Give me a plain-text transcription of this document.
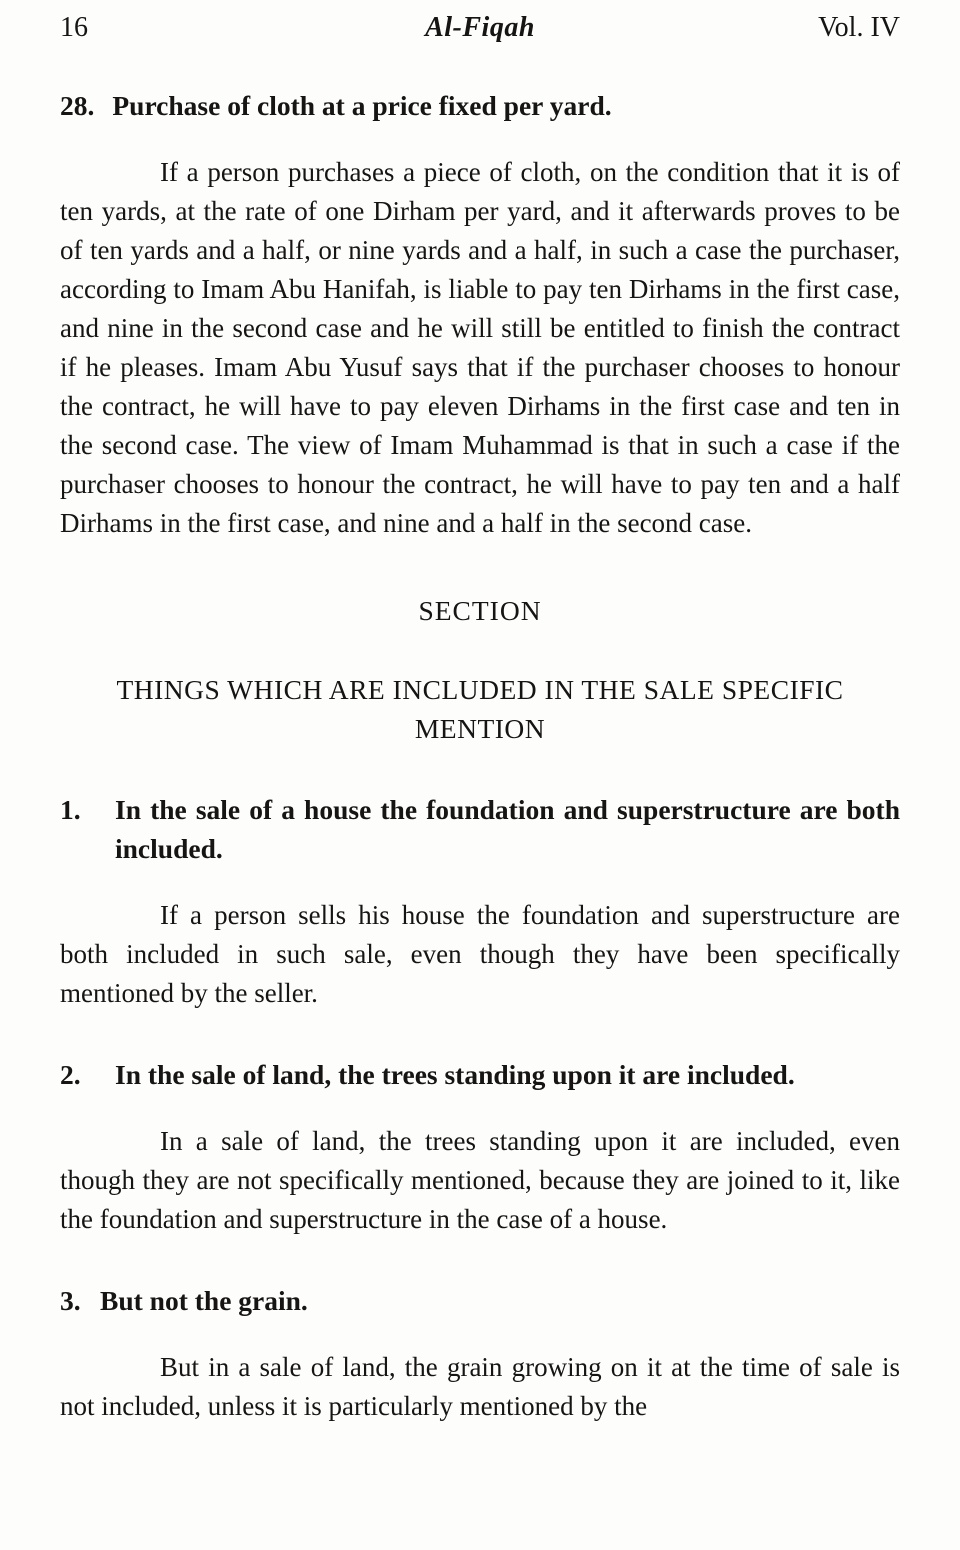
16	Al-Fiqah	Vol. IV
28. Purchase of cloth at a price fixed per yard.

If a person purchases a piece of cloth, on the condition that it is of ten yards, at the rate of one Dirham per yard, and it afterwards proves to be of ten yards and a half, or nine yards and a half, in such a case the purchaser, according to Imam Abu Hanifah, is liable to pay ten Dirhams in the first case, and nine in the second case and he will still be entitled to finish the contract if he pleases. Imam Abu Yusuf says that if the purchaser chooses to honour the contract, he will have to pay eleven Dirhams in the first case and ten in the second case. The view of Imam Muhammad is that in such a case if the purchaser chooses to honour the contract, he will have to pay ten and a half Dirhams in the first case, and nine and a half in the second case.

SECTION
THINGS WHICH ARE INCLUDED IN THE SALE SPECIFIC MENTION
1. In the sale of a house the foundation and superstructure are both included.

If a person sells his house the foundation and superstructure are both included in such sale, even though they have been specifically mentioned by the seller.

2. In the sale of land, the trees standing upon it are included.

In a sale of land, the trees standing upon it are included, even though they are not specifically mentioned, because they are joined to it, like the foundation and superstructure in the case of a house.

3. But not the grain.

But in a sale of land, the grain growing on it at the time of sale is not included, unless it is particularly mentioned by the
